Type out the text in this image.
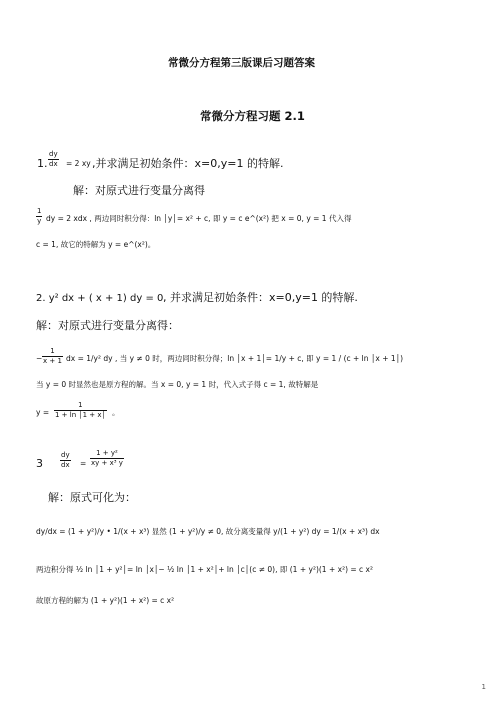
常微分方程第三版课后习题答案
常微分方程习题 2.1
1. $\frac{dy}{dx} = 2$ xy ,并求满足初始条件：x=0,y=1 的特解.
解：对原式进行变量分离得
$\frac{1}{y}$ dy = 2 xdx , 两边同时积分得：ln │y│= x² + c, 即 y = c e^(x²) 把 x = 0, y = 1 代入得
c = 1, 故它的特解为 y = e^(x²)。
2. y² dx + ( x + 1) dy = 0 , 并求满足初始条件：x=0,y=1 的特解.
解：对原式进行变量分离得：
− $\frac{1}{x + 1}$ dx = 1/y² dy , 当 y ≠ 0 时，两边同时积分得；ln │x + 1│= 1/y + c, 即 y = 1 / (c + ln │x + 1│)
当 y = 0 时显然也是原方程的解。当 x = 0, y = 1 时，代入式子得 c = 1, 故特解是
$y = \frac{1}{1 + \ln │1 + x│}$ 。
$3 \frac{dy}{dx} = \frac{\text{1 + y²}}{\text{xy + x³ y}}$
解：原式可化为：
dy/dx = (1 + y²)/y • 1/(x + x³) 显然 (1 + y²)/y ≠ 0, 故分离变量得 y/(1 + y²) dy = 1/(x + x³) dx
两边积分得 ½ ln │1 + y²│= ln │x│− ½ ln │1 + x²│+ ln │c│(c ≠ 0), 即 (1 + y²)(1 + x²) = c x²
故原方程的解为 (1 + y²)(1 + x²) = c x²
1
